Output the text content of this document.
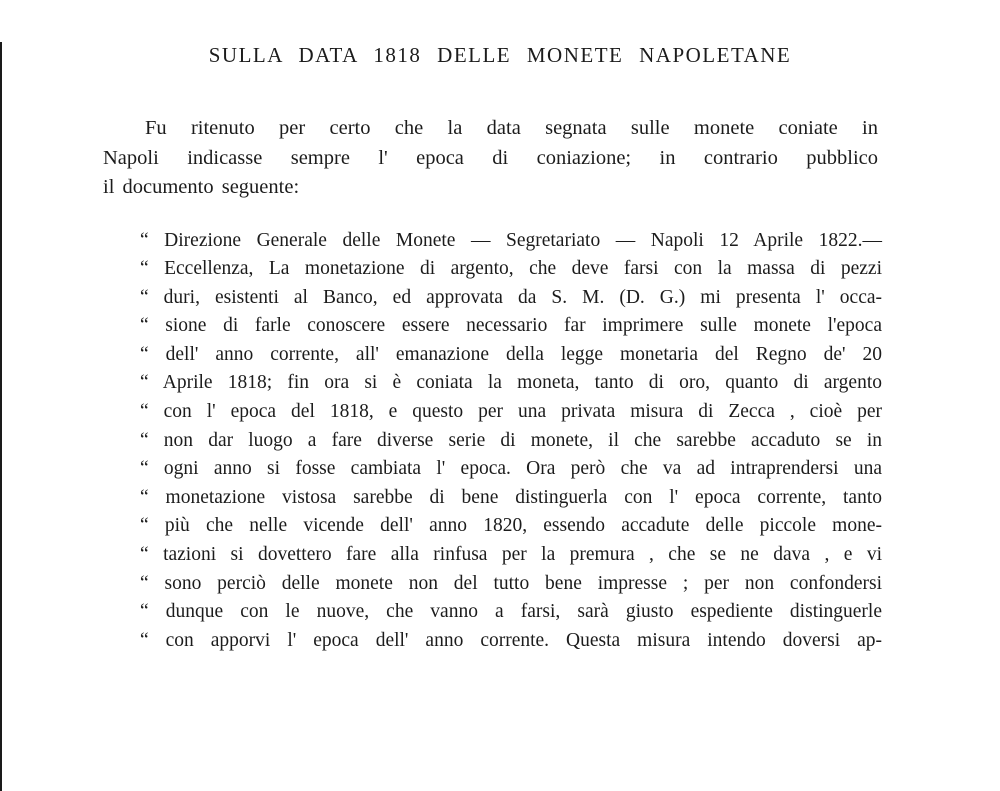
SULLA DATA 1818 DELLE MONETE NAPOLETANE
Fu ritenuto per certo che la data segnata sulle monete coniate in
Napoli indicasse sempre l' epoca di coniazione; in contrario pubblico
il documento seguente:
“ Direzione Generale delle Monete — Segretariato — Napoli 12 Aprile 1822.—
“ Eccellenza, La monetazione di argento, che deve farsi con la massa di pezzi
“ duri, esistenti al Banco, ed approvata da S. M. (D. G.) mi presenta l' occa-
“ sione di farle conoscere essere necessario far imprimere sulle monete l'epoca
“ dell' anno corrente, all' emanazione della legge monetaria del Regno de' 20
“ Aprile 1818; fin ora si è coniata la moneta, tanto di oro, quanto di argento
“ con l' epoca del 1818, e questo per una privata misura di Zecca , cioè per
“ non dar luogo a fare diverse serie di monete, il che sarebbe accaduto se in
“ ogni anno si fosse cambiata l' epoca. Ora però che va ad intraprendersi una
“ monetazione vistosa sarebbe di bene distinguerla con l' epoca corrente, tanto
“ più che nelle vicende dell' anno 1820, essendo accadute delle piccole mone-
“ tazioni si dovettero fare alla rinfusa per la premura , che se ne dava , e vi
“ sono perciò delle monete non del tutto bene impresse ; per non confondersi
“ dunque con le nuove, che vanno a farsi, sarà giusto espediente distinguerle
“ con apporvi l' epoca dell' anno corrente. Questa misura intendo doversi ap-
